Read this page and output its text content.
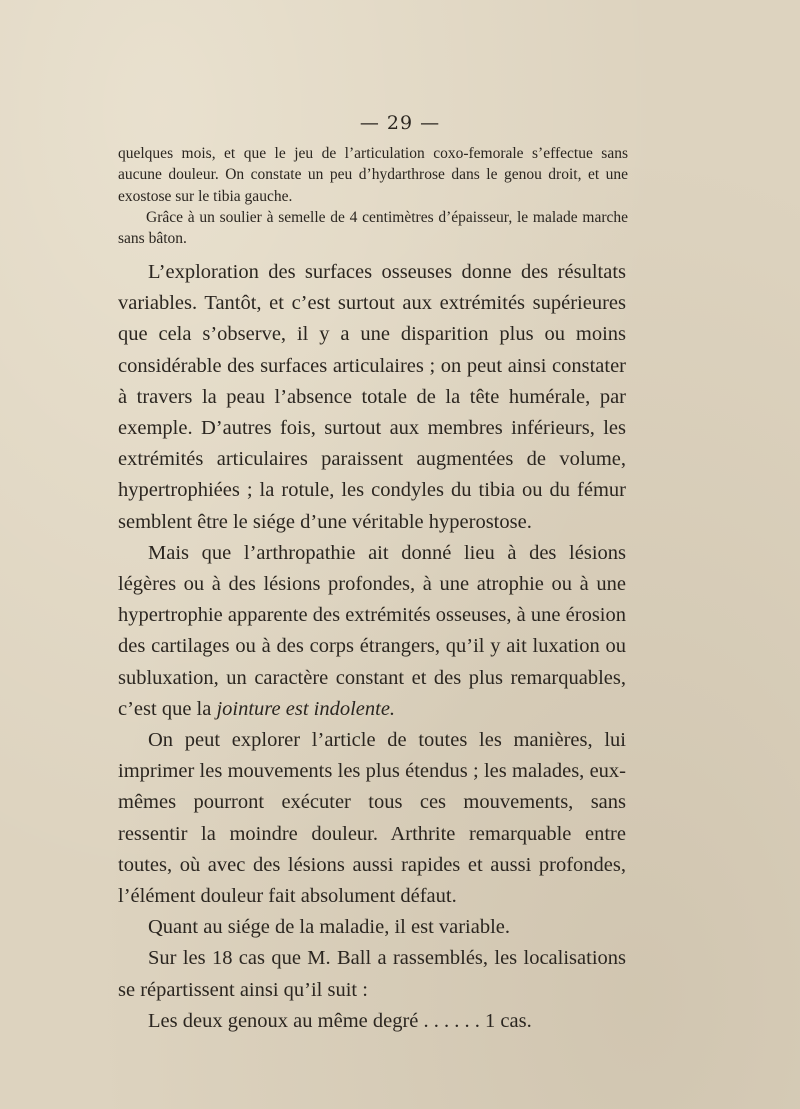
— 29 —

quelques mois, et que le jeu de l’articulation coxo-femorale s’effectue sans aucune douleur. On constate un peu d’hydarthrose dans le genou droit, et une exostose sur le tibia gauche.

Grâce à un soulier à semelle de 4 centimètres d’épaisseur, le malade marche sans bâton.

L’exploration des surfaces osseuses donne des résultats variables. Tantôt, et c’est surtout aux extrémités supérieures que cela s’observe, il y a une disparition plus ou moins considérable des surfaces articulaires ; on peut ainsi constater à travers la peau l’absence totale de la tête humérale, par exemple. D’autres fois, surtout aux membres inférieurs, les extrémités articulaires paraissent augmentées de volume, hypertrophiées ; la rotule, les condyles du tibia ou du fémur semblent être le siége d’une véritable hyperostose.

Mais que l’arthropathie ait donné lieu à des lésions légères ou à des lésions profondes, à une atrophie ou à une hypertrophie apparente des extrémités osseuses, à une érosion des cartilages ou à des corps étrangers, qu’il y ait luxation ou subluxation, un caractère constant et des plus remarquables, c’est que la jointure est indolente.

On peut explorer l’article de toutes les manières, lui imprimer les mouvements les plus étendus ; les malades, eux-mêmes pourront exécuter tous ces mouvements, sans ressentir la moindre douleur. Arthrite remarquable entre toutes, où avec des lésions aussi rapides et aussi profondes, l’élément douleur fait absolument défaut.

Quant au siége de la maladie, il est variable.

Sur les 18 cas que M. Ball a rassemblés, les localisations se répartissent ainsi qu’il suit :

Les deux genoux au même degré . . . . . . 1 cas.
